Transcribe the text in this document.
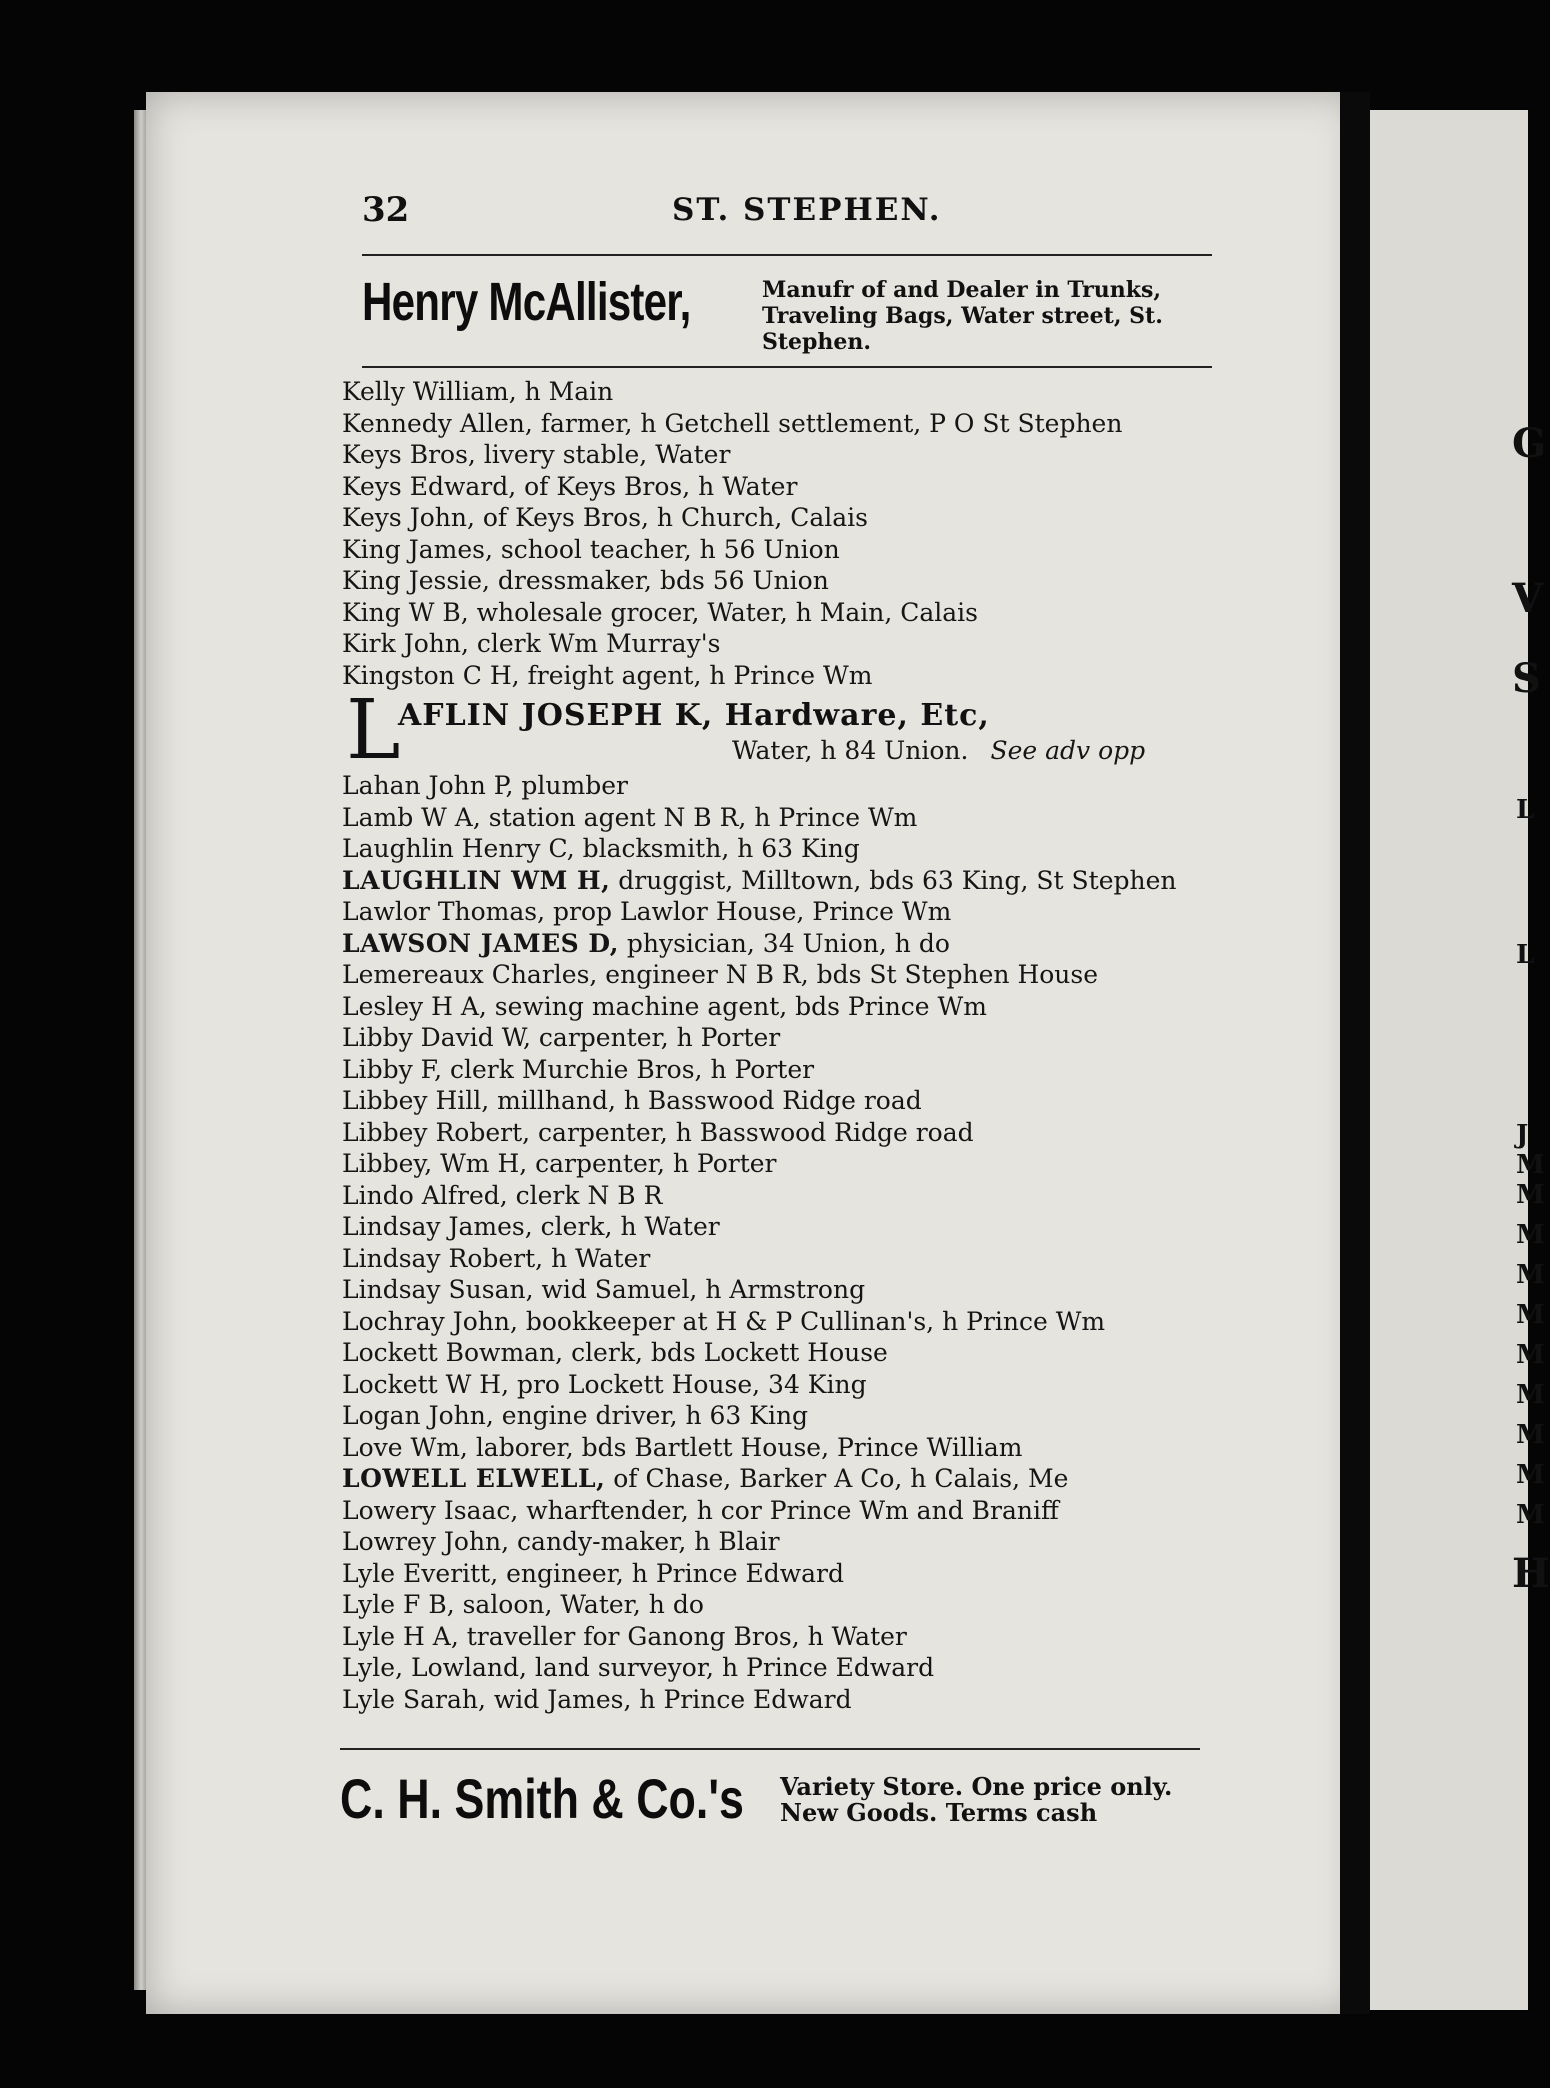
G
V
S
L
L
J
M
M
M
M
M
M
M
M
M
M
H
32	ST. STEPHEN.
Henry McAllister,	Manufr of and Dealer in Trunks, Traveling Bags, Water street, St. Stephen.
Kelly William, h Main
Kennedy Allen, farmer, h Getchell settlement, P O St Stephen
Keys Bros, livery stable, Water
Keys Edward, of Keys Bros, h Water
Keys John, of Keys Bros, h Church, Calais
King James, school teacher, h 56 Union
King Jessie, dressmaker, bds 56 Union
King W B, wholesale grocer, Water, h Main, Calais
Kirk John, clerk Wm Murray's
Kingston C H, freight agent, h Prince Wm
L
AFLIN JOSEPH K, Hardware, Etc,
Water, h 84 Union. See adv opp
Lahan John P, plumber
Lamb W A, station agent N B R, h Prince Wm
Laughlin Henry C, blacksmith, h 63 King
LAUGHLIN WM H, druggist, Milltown, bds 63 King, St Stephen
Lawlor Thomas, prop Lawlor House, Prince Wm
LAWSON JAMES D, physician, 34 Union, h do
Lemereaux Charles, engineer N B R, bds St Stephen House
Lesley H A, sewing machine agent, bds Prince Wm
Libby David W, carpenter, h Porter
Libby F, clerk Murchie Bros, h Porter
Libbey Hill, millhand, h Basswood Ridge road
Libbey Robert, carpenter, h Basswood Ridge road
Libbey, Wm H, carpenter, h Porter
Lindo Alfred, clerk N B R
Lindsay James, clerk, h Water
Lindsay Robert, h Water
Lindsay Susan, wid Samuel, h Armstrong
Lochray John, bookkeeper at H & P Cullinan's, h Prince Wm
Lockett Bowman, clerk, bds Lockett House
Lockett W H, pro Lockett House, 34 King
Logan John, engine driver, h 63 King
Love Wm, laborer, bds Bartlett House, Prince William
LOWELL ELWELL, of Chase, Barker A Co, h Calais, Me
Lowery Isaac, wharftender, h cor Prince Wm and Braniff
Lowrey John, candy-maker, h Blair
Lyle Everitt, engineer, h Prince Edward
Lyle F B, saloon, Water, h do
Lyle H A, traveller for Ganong Bros, h Water
Lyle, Lowland, land surveyor, h Prince Edward
Lyle Sarah, wid James, h Prince Edward
C. H. Smith & Co.'s Variety Store. One price only. New Goods. Terms cash
